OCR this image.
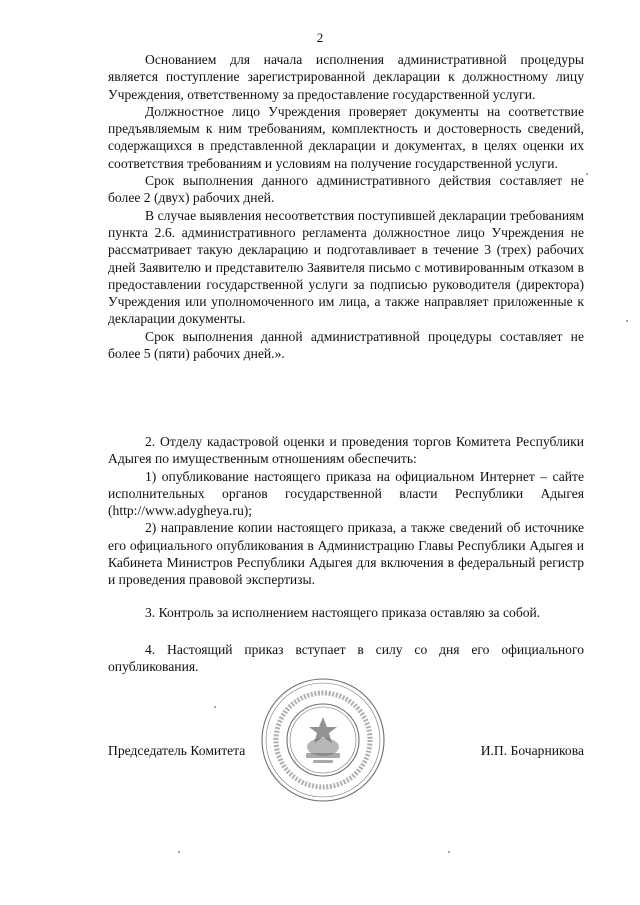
2

Основанием для начала исполнения административной процедуры является поступление зарегистрированной декларации к должностному лицу Учреждения, ответственному за предоставление государственной услуги.

Должностное лицо Учреждения проверяет документы на соответствие предъявляемым к ним требованиям, комплектность и достоверность сведений, содержащихся в представленной декларации и документах, в целях оценки их соответствия требованиям и условиям на получение государственной услуги.

Срок выполнения данного административного действия составляет не более 2 (двух) рабочих дней.

В случае выявления несоответствия поступившей декларации требованиям пункта 2.6. административного регламента должностное лицо Учреждения не рассматривает такую декларацию и подготавливает в течение 3 (трех) рабочих дней Заявителю и представителю Заявителя письмо с мотивированным отказом в предоставлении государственной услуги за подписью руководителя (директора) Учреждения или уполномоченного им лица, а также направляет приложенные к декларации документы.

Срок выполнения данной административной процедуры составляет не более 5 (пяти) рабочих дней.».

2. Отделу кадастровой оценки и проведения торгов Комитета Республики Адыгея по имущественным отношениям обеспечить:

1) опубликование настоящего приказа на официальном Интернет – сайте исполнительных органов государственной власти Республики Адыгея (http://www.adygheya.ru);

2) направление копии настоящего приказа, а также сведений об источнике его официального опубликования в Администрацию Главы Республики Адыгея и Кабинета Министров Республики Адыгея для включения в федеральный регистр и проведения правовой экспертизы.

3. Контроль за исполнением настоящего приказа оставляю за собой.

4. Настоящий приказ вступает в силу со дня его официального опубликования.

Председатель Комитета	И.П. Бочарникова
